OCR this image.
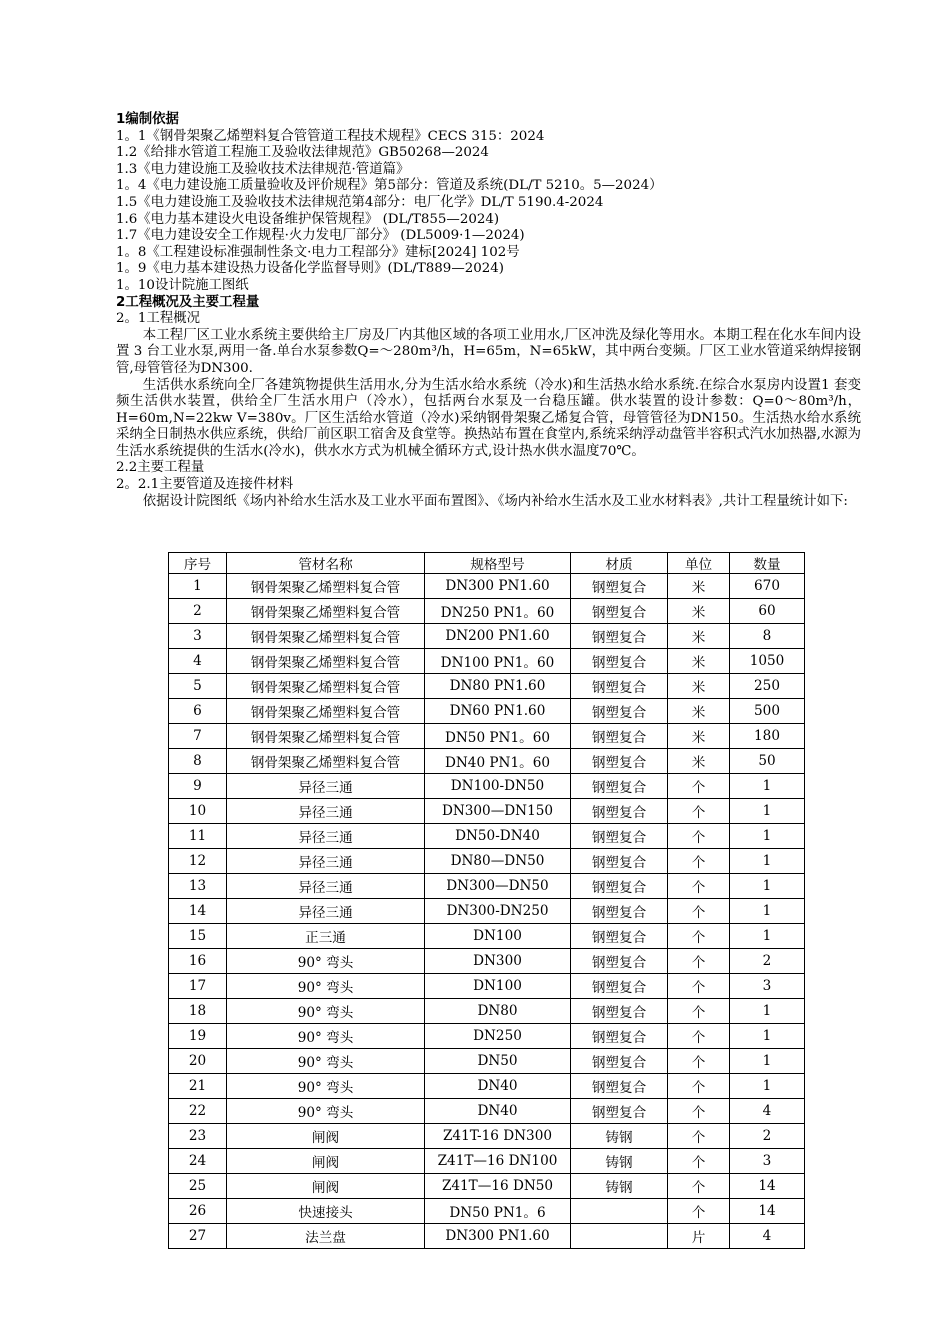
1编制依据
1。1《钢骨架聚乙烯塑料复合管管道工程技术规程》CECS 315：2024
1.2《给排水管道工程施工及验收法律规范》GB50268—2024
1.3《电力建设施工及验收技术法律规范·管道篇》
1。4《电力建设施工质量验收及评价规程》第5部分：管道及系统(DL/T 5210。5—2024）
1.5《电力建设施工及验收技术法律规范第4部分：电厂化学》DL/T 5190.4-2024
1.6《电力基本建设火电设备维护保管规程》 (DL/T855—2024)
1.7《电力建设安全工作规程·火力发电厂部分》 (DL5009·1—2024)
1。8《工程建设标准强制性条文·电力工程部分》建标[2024] 102号
1。9《电力基本建设热力设备化学监督导则》(DL/T889—2024)
1。10设计院施工图纸
2工程概况及主要工程量
2。1工程概况

本工程厂区工业水系统主要供给主厂房及厂内其他区域的各项工业用水,厂区冲洗及绿化等用水。本期工程在化水车间内设置 3 台工业水泵,两用一备.单台水泵参数Q=～280m³/h，H=65m，N=65kW，其中两台变频。厂区工业水管道采纳焊接钢管,母管管径为DN300.

生活供水系统向全厂各建筑物提供生活用水,分为生活水给水系统（冷水)和生活热水给水系统.在综合水泵房内设置1 套变频生活供水装置，供给全厂生活水用户（冷水），包括两台水泵及一台稳压罐。供水装置的设计参数：Q=0～80m³/h，H=60m,N=22kw V=380v。厂区生活给水管道（冷水)采纳钢骨架聚乙烯复合管，母管管径为DN150。生活热水给水系统采纳全日制热水供应系统，供给厂前区职工宿舍及食堂等。换热站布置在食堂内,系统采纳浮动盘管半容积式汽水加热器,水源为生活水系统提供的生活水(冷水)，供水水方式为机械全循环方式,设计热水供水温度70℃。

2.2主要工程量
2。2.1主要管道及连接件材料

依据设计院图纸《场内补给水生活水及工业水平面布置图》、《场内补给水生活水及工业水材料表》,共计工程量统计如下:

序号	管材名称	规格型号	材质	单位	数量
1	钢骨架聚乙烯塑料复合管	DN300 PN1.60	钢塑复合	米	670
2	钢骨架聚乙烯塑料复合管	DN250 PN1。60	钢塑复合	米	60
3	钢骨架聚乙烯塑料复合管	DN200 PN1.60	钢塑复合	米	8
4	钢骨架聚乙烯塑料复合管	DN100 PN1。60	钢塑复合	米	1050
5	钢骨架聚乙烯塑料复合管	DN80 PN1.60	钢塑复合	米	250
6	钢骨架聚乙烯塑料复合管	DN60 PN1.60	钢塑复合	米	500
7	钢骨架聚乙烯塑料复合管	DN50 PN1。60	钢塑复合	米	180
8	钢骨架聚乙烯塑料复合管	DN40 PN1。60	钢塑复合	米	50
9	异径三通	DN100-DN50	钢塑复合	个	1
10	异径三通	DN300—DN150	钢塑复合	个	1
11	异径三通	DN50-DN40	钢塑复合	个	1
12	异径三通	DN80—DN50	钢塑复合	个	1
13	异径三通	DN300—DN50	钢塑复合	个	1
14	异径三通	DN300-DN250	钢塑复合	个	1
15	正三通	DN100	钢塑复合	个	1
16	90° 弯头	DN300	钢塑复合	个	2
17	90° 弯头	DN100	钢塑复合	个	3
18	90° 弯头	DN80	钢塑复合	个	1
19	90° 弯头	DN250	钢塑复合	个	1
20	90° 弯头	DN50	钢塑复合	个	1
21	90° 弯头	DN40	钢塑复合	个	1
22	90° 弯头	DN40	钢塑复合	个	4
23	闸阀	Z41T-16 DN300	铸钢	个	2
24	闸阀	Z41T—16 DN100	铸钢	个	3
25	闸阀	Z41T—16 DN50	铸钢	个	14
26	快速接头	DN50 PN1。6		个	14
27	法兰盘	DN300 PN1.60		片	4
